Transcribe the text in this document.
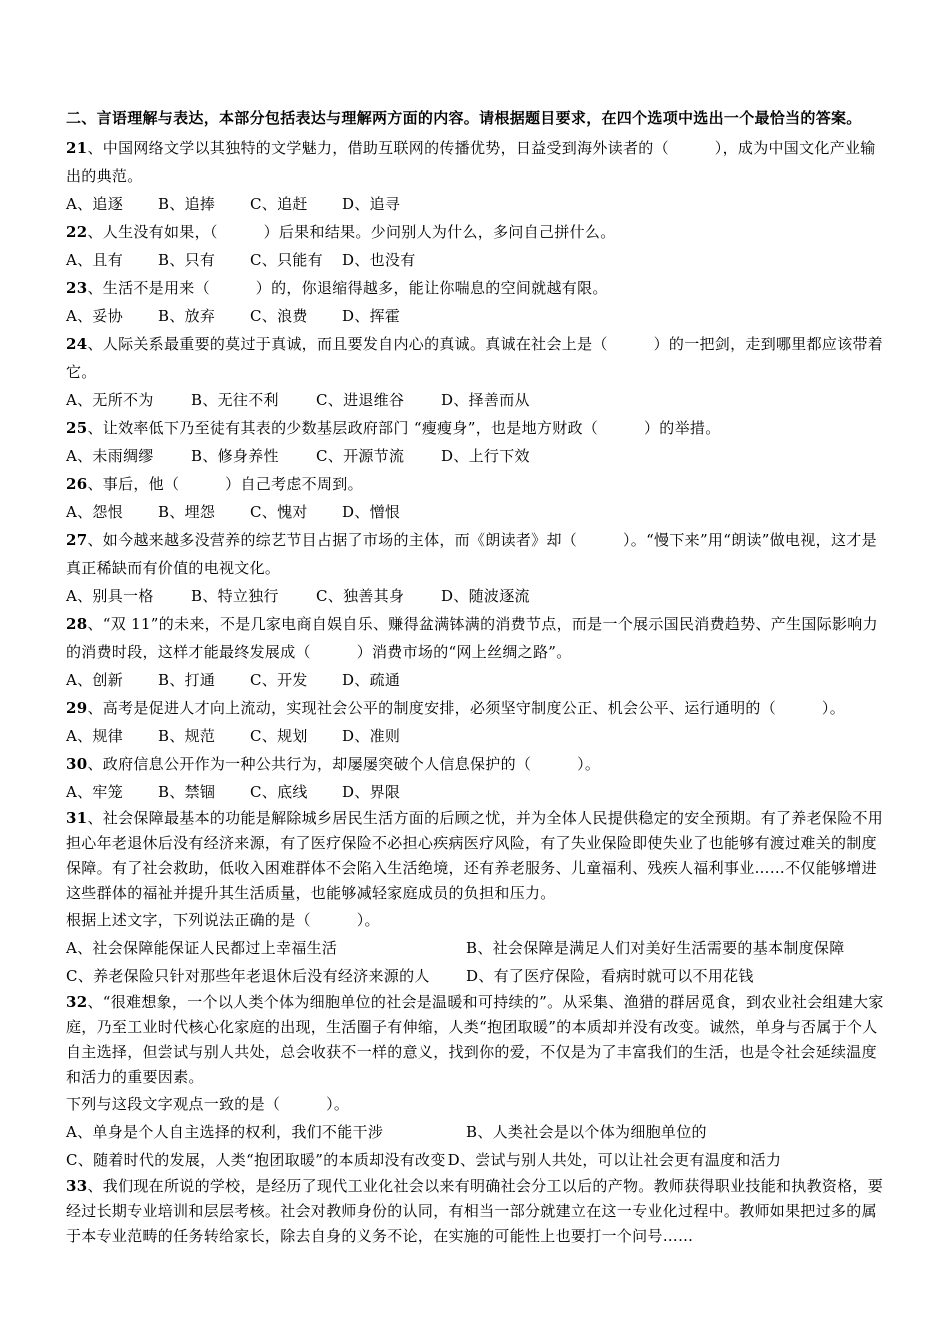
二、言语理解与表达，本部分包括表达与理解两方面的内容。请根据题目要求，在四个选项中选出一个最恰当的答案。
21、中国网络文学以其独特的文学魅力，借助互联网的传播优势，日益受到海外读者的（　　　），成为中国文化产业输出的典范。
A、追逐 B、追捧 C、追赶 D、追寻
22、人生没有如果，（　　　）后果和结果。少问别人为什么，多问自己拼什么。
A、且有 B、只有 C、只能有 D、也没有
23、生活不是用来（　　　）的，你退缩得越多，能让你喘息的空间就越有限。
A、妥协 B、放弃 C、浪费 D、挥霍
24、人际关系最重要的莫过于真诚，而且要发自内心的真诚。真诚在社会上是（　　　）的一把剑，走到哪里都应该带着它。
A、无所不为 B、无往不利 C、进退维谷 D、择善而从
25、让效率低下乃至徒有其表的少数基层政府部门 “瘦瘦身”，也是地方财政（　　　）的举措。
A、未雨绸缪 B、修身养性 C、开源节流 D、上行下效
26、事后，他（　　　）自己考虑不周到。
A、怨恨 B、埋怨 C、愧对 D、憎恨
27、如今越来越多没营养的综艺节目占据了市场的主体，而《朗读者》却（　　　）。“慢下来”用“朗读”做电视，这才是真正稀缺而有价值的电视文化。
A、别具一格 B、特立独行 C、独善其身 D、随波逐流
28、“双 11”的未来，不是几家电商自娱自乐、赚得盆满钵满的消费节点，而是一个展示国民消费趋势、产生国际影响力的消费时段，这样才能最终发展成（　　　）消费市场的“网上丝绸之路”。
A、创新 B、打通 C、开发 D、疏通
29、高考是促进人才向上流动，实现社会公平的制度安排，必须坚守制度公正、机会公平、运行通明的（　　　）。
A、规律 B、规范 C、规划 D、准则
30、政府信息公开作为一种公共行为，却屡屡突破个人信息保护的（　　　）。
A、牢笼 B、禁锢 C、底线 D、界限
31、社会保障最基本的功能是解除城乡居民生活方面的后顾之忧，并为全体人民提供稳定的安全预期。有了养老保险不用担心年老退休后没有经济来源，有了医疗保险不必担心疾病医疗风险，有了失业保险即使失业了也能够有渡过难关的制度保障。有了社会救助，低收入困难群体不会陷入生活绝境，还有养老服务、儿童福利、残疾人福利事业……不仅能够增进这些群体的福祉并提升其生活质量，也能够减轻家庭成员的负担和压力。
根据上述文字，下列说法正确的是（　　　）。
A、社会保障能保证人民都过上幸福生活	B、社会保障是满足人们对美好生活需要的基本制度保障
C、养老保险只针对那些年老退休后没有经济来源的人 D、有了医疗保险，看病时就可以不用花钱
32、“很难想象，一个以人类个体为细胞单位的社会是温暖和可持续的”。从采集、渔猎的群居觅食，到农业社会组建大家庭，乃至工业时代核心化家庭的出现，生活圈子有伸缩，人类“抱团取暖”的本质却并没有改变。诚然，单身与否属于个人自主选择，但尝试与别人共处，总会收获不一样的意义，找到你的爱，不仅是为了丰富我们的生活，也是令社会延续温度和活力的重要因素。
下列与这段文字观点一致的是（　　　）。
A、单身是个人自主选择的权利，我们不能干涉	B、人类社会是以个体为细胞单位的
C、随着时代的发展，人类“抱团取暖”的本质却没有改变 D、尝试与别人共处，可以让社会更有温度和活力
33、我们现在所说的学校，是经历了现代工业化社会以来有明确社会分工以后的产物。教师获得职业技能和执教资格，要经过长期专业培训和层层考核。社会对教师身份的认同，有相当一部分就建立在这一专业化过程中。教师如果把过多的属于本专业范畴的任务转给家长，除去自身的义务不论，在实施的可能性上也要打一个问号……
